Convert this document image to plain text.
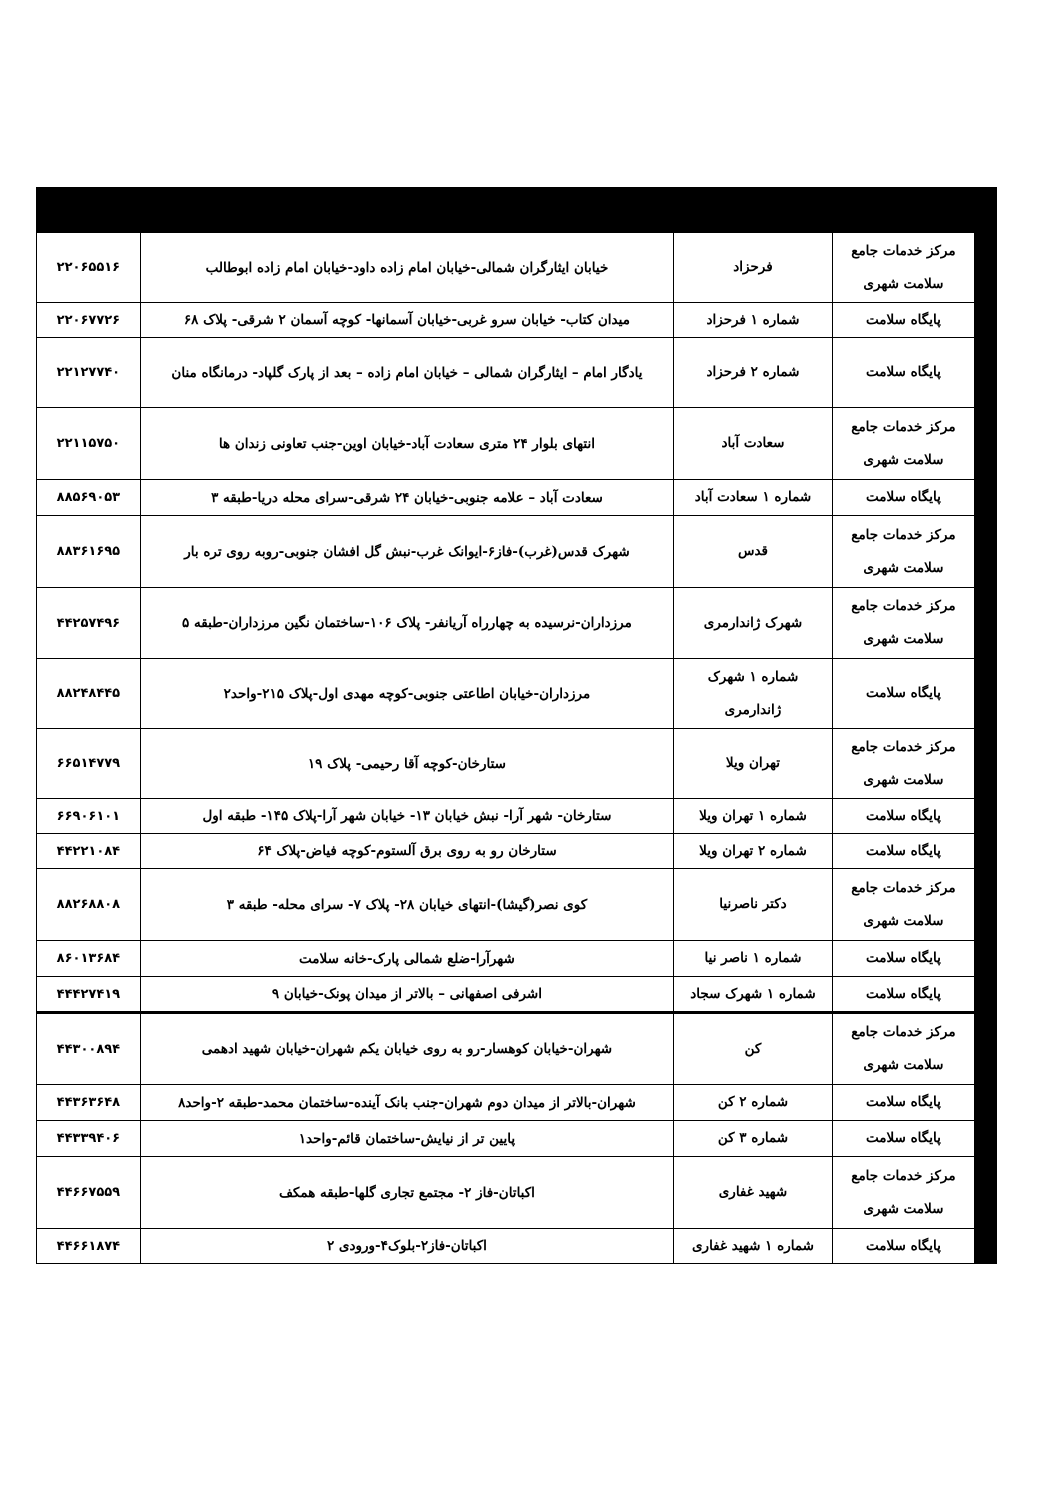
مرکز خدمات جامع سلامت شهری	فرحزاد	خیابان ایثارگران شمالی-خیابان امام زاده داود-خیابان امام زاده ابوطالب	۲۲۰۶۵۵۱۶
پایگاه سلامت	شماره ۱ فرحزاد	میدان کتاب- خیابان سرو غربی-خیابان آسمانها- کوچه آسمان ۲ شرقی- پلاک ۶۸	۲۲۰۶۷۷۲۶
پایگاه سلامت	شماره ۲ فرحزاد	یادگار امام – ایثارگران شمالی – خیابان امام زاده – بعد از پارک گلپاد- درمانگاه منان	۲۲۱۲۷۷۴۰
مرکز خدمات جامع سلامت شهری	سعادت آباد	انتهای بلوار ۲۴ متری سعادت آباد-خیابان اوین-جنب تعاونی زندان ها	۲۲۱۱۵۷۵۰
پایگاه سلامت	شماره ۱ سعادت آباد	سعادت آباد – علامه جنوبی-خیابان ۲۴ شرقی-سرای محله دریا-طبقه ۳	۸۸۵۶۹۰۵۳
مرکز خدمات جامع سلامت شهری	قدس	شهرک قدس(غرب)-فاز۶-ایوانک غرب-نبش گل افشان جنوبی-روبه روی تره بار	۸۸۳۶۱۶۹۵
مرکز خدمات جامع سلامت شهری	شهرک ژاندارمری	مرزداران-نرسیده به چهارراه آریانفر- پلاک ۱۰۶-ساختمان نگین مرزداران-طبقه ۵	۴۴۲۵۷۴۹۶
پایگاه سلامت	شماره ۱ شهرک ژاندارمری	مرزداران-خیابان اطاعتی جنوبی-کوچه مهدی اول-پلاک ۲۱۵-واحد۲	۸۸۲۴۸۴۴۵
مرکز خدمات جامع سلامت شهری	تهران ویلا	ستارخان-کوچه آقا رحیمی- پلاک ۱۹	۶۶۵۱۴۷۷۹
پایگاه سلامت	شماره ۱ تهران ویلا	ستارخان- شهر آرا- نبش خیابان ۱۳- خیابان شهر آرا-پلاک ۱۴۵- طبقه اول	۶۶۹۰۶۱۰۱
پایگاه سلامت	شماره ۲ تهران ویلا	ستارخان رو به روی برق آلستوم-کوچه فیاض-پلاک ۶۴	۴۴۲۲۱۰۸۴
مرکز خدمات جامع سلامت شهری	دکتر ناصرنیا	کوی نصر(گیشا)-انتهای خیابان ۲۸- پلاک ۷- سرای محله- طبقه ۳	۸۸۲۶۸۸۰۸
پایگاه سلامت	شماره ۱ ناصر نیا	شهرآرا-ضلع شمالی پارک-خانه سلامت	۸۶۰۱۳۶۸۴
پایگاه سلامت	شماره ۱ شهرک سجاد	اشرفی اصفهانی – بالاتر از میدان پونک-خیابان ۹	۴۴۴۲۷۴۱۹
مرکز خدمات جامع سلامت شهری	کن	شهران-خیابان کوهسار-رو به روی خیابان یکم شهران-خیابان شهید ادهمی	۴۴۳۰۰۸۹۴
پایگاه سلامت	شماره ۲ کن	شهران-بالاتر از میدان دوم شهران-جنب بانک آینده-ساختمان محمد-طبقه ۲-واحد۸	۴۴۳۶۳۶۴۸
پایگاه سلامت	شماره ۳ کن	پایین تر از نیایش-ساختمان قائم-واحد۱	۴۴۳۳۹۴۰۶
مرکز خدمات جامع سلامت شهری	شهید غفاری	اکباتان-فاز ۲- مجتمع تجاری گلها-طبقه همکف	۴۴۶۶۷۵۵۹
پایگاه سلامت	شماره ۱ شهید غفاری	اکباتان-فاز۲-بلوک۴-ورودی ۲	۴۴۶۶۱۸۷۴
